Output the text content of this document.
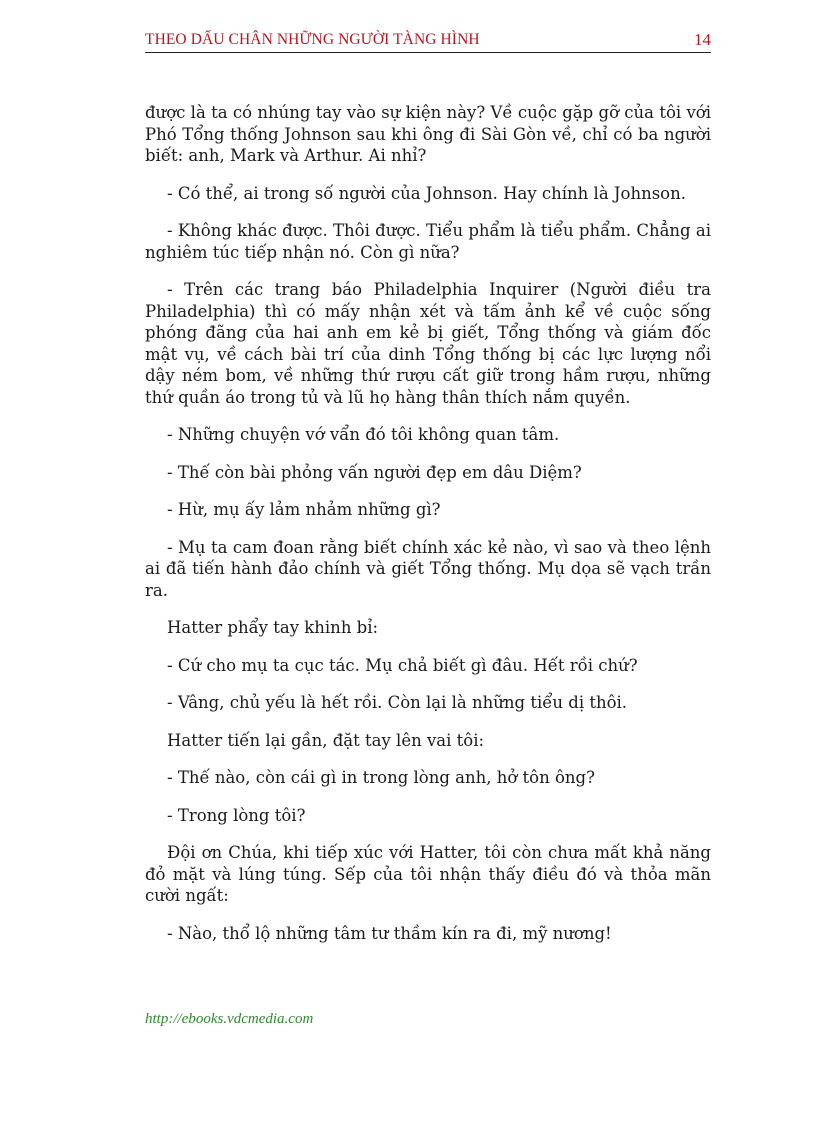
THEO DẤU CHÂN NHỮNG NGƯỜI TÀNG HÌNH	14

được là ta có nhúng tay vào sự kiện này? Về cuộc gặp gỡ của tôi với Phó Tổng thống Johnson sau khi ông đi Sài Gòn về, chỉ có ba người biết: anh, Mark và Arthur. Ai nhỉ?

- Có thể, ai trong số người của Johnson. Hay chính là Johnson.

- Không khác được. Thôi được. Tiểu phẩm là tiểu phẩm. Chẳng ai nghiêm túc tiếp nhận nó. Còn gì nữa?

- Trên các trang báo Philadelphia Inquirer (Người điều tra Philadelphia) thì có mấy nhận xét và tấm ảnh kể về cuộc sống phóng đãng của hai anh em kẻ bị giết, Tổng thống và giám đốc mật vụ, về cách bài trí của dinh Tổng thống bị các lực lượng nổi dậy ném bom, về những thứ rượu cất giữ trong hầm rượu, những thứ quần áo trong tủ và lũ họ hàng thân thích nắm quyền.

- Những chuyện vớ vẩn đó tôi không quan tâm.

- Thế còn bài phỏng vấn người đẹp em dâu Diệm?

- Hừ, mụ ấy lảm nhảm những gì?

- Mụ ta cam đoan rằng biết chính xác kẻ nào, vì sao và theo lệnh ai đã tiến hành đảo chính và giết Tổng thống. Mụ dọa sẽ vạch trần ra.

Hatter phẩy tay khinh bỉ:

- Cứ cho mụ ta cục tác. Mụ chả biết gì đâu. Hết rồi chứ?

- Vâng, chủ yếu là hết rồi. Còn lại là những tiểu dị thôi.

Hatter tiến lại gần, đặt tay lên vai tôi:

- Thế nào, còn cái gì in trong lòng anh, hở tôn ông?

- Trong lòng tôi?

Đội ơn Chúa, khi tiếp xúc với Hatter, tôi còn chưa mất khả năng đỏ mặt và lúng túng. Sếp của tôi nhận thấy điều đó và thỏa mãn cười ngất:

- Nào, thổ lộ những tâm tư thầm kín ra đi, mỹ nương!

http://ebooks.vdcmedia.com
